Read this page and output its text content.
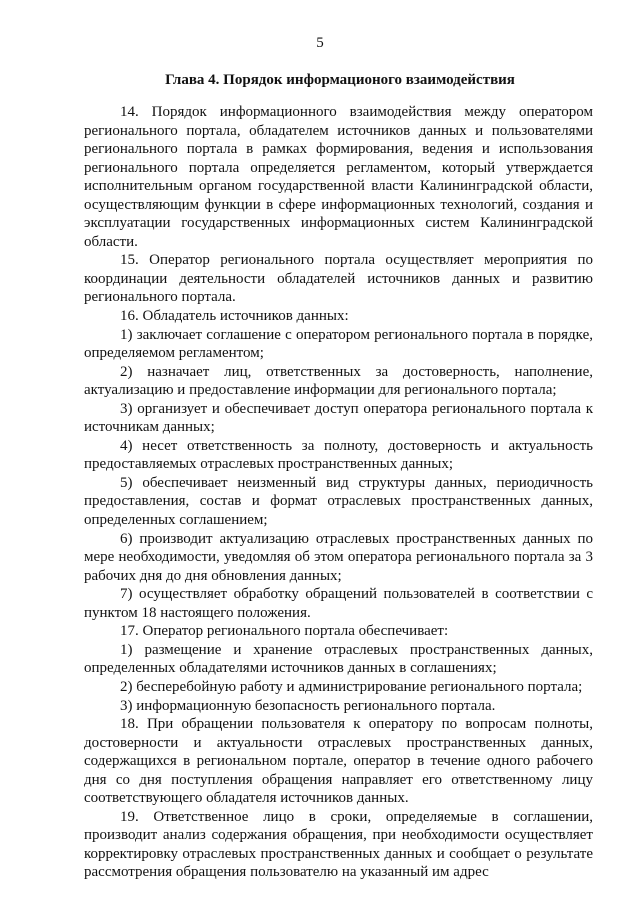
5
Глава 4. Порядок информационого взаимодействия

14. Порядок информационного взаимодействия между оператором регионального портала, обладателем источников данных и пользователями регионального портала в рамках формирования, ведения и использования регионального портала определяется регламентом, который утверждается исполнительным органом государственной власти Калининградской области, осуществляющим функции в сфере информационных технологий, создания и эксплуатации государственных информационных систем Калининградской области.

15. Оператор регионального портала осуществляет мероприятия по координации деятельности обладателей источников данных и развитию регионального портала.

16. Обладатель источников данных:

1) заключает соглашение с оператором регионального портала в порядке, определяемом регламентом;

2) назначает лиц, ответственных за достоверность, наполнение, актуализацию и предоставление информации для регионального портала;

3) организует и обеспечивает доступ оператора регионального портала к источникам данных;

4) несет ответственность за полноту, достоверность и актуальность предоставляемых отраслевых пространственных данных;

5) обеспечивает неизменный вид структуры данных, периодичность предоставления, состав и формат отраслевых пространственных данных, определенных соглашением;

6) производит актуализацию отраслевых пространственных данных по мере необходимости, уведомляя об этом оператора регионального портала за 3 рабочих дня до дня обновления данных;

7) осуществляет обработку обращений пользователей в соответствии с пунктом 18 настоящего положения.

17. Оператор регионального портала обеспечивает:

1) размещение и хранение отраслевых пространственных данных, определенных обладателями источников данных в соглашениях;

2) бесперебойную работу и администрирование регионального портала;

3) информационную безопасность регионального портала.

18. При обращении пользователя к оператору по вопросам полноты, достоверности и актуальности отраслевых пространственных данных, содержащихся в региональном портале, оператор в течение одного рабочего дня со дня поступления обращения направляет его ответственному лицу соответствующего обладателя источников данных.

19. Ответственное лицо в сроки, определяемые в соглашении, производит анализ содержания обращения, при необходимости осуществляет корректировку отраслевых пространственных данных и сообщает о результате рассмотрения обращения пользователю на указанный им адрес
